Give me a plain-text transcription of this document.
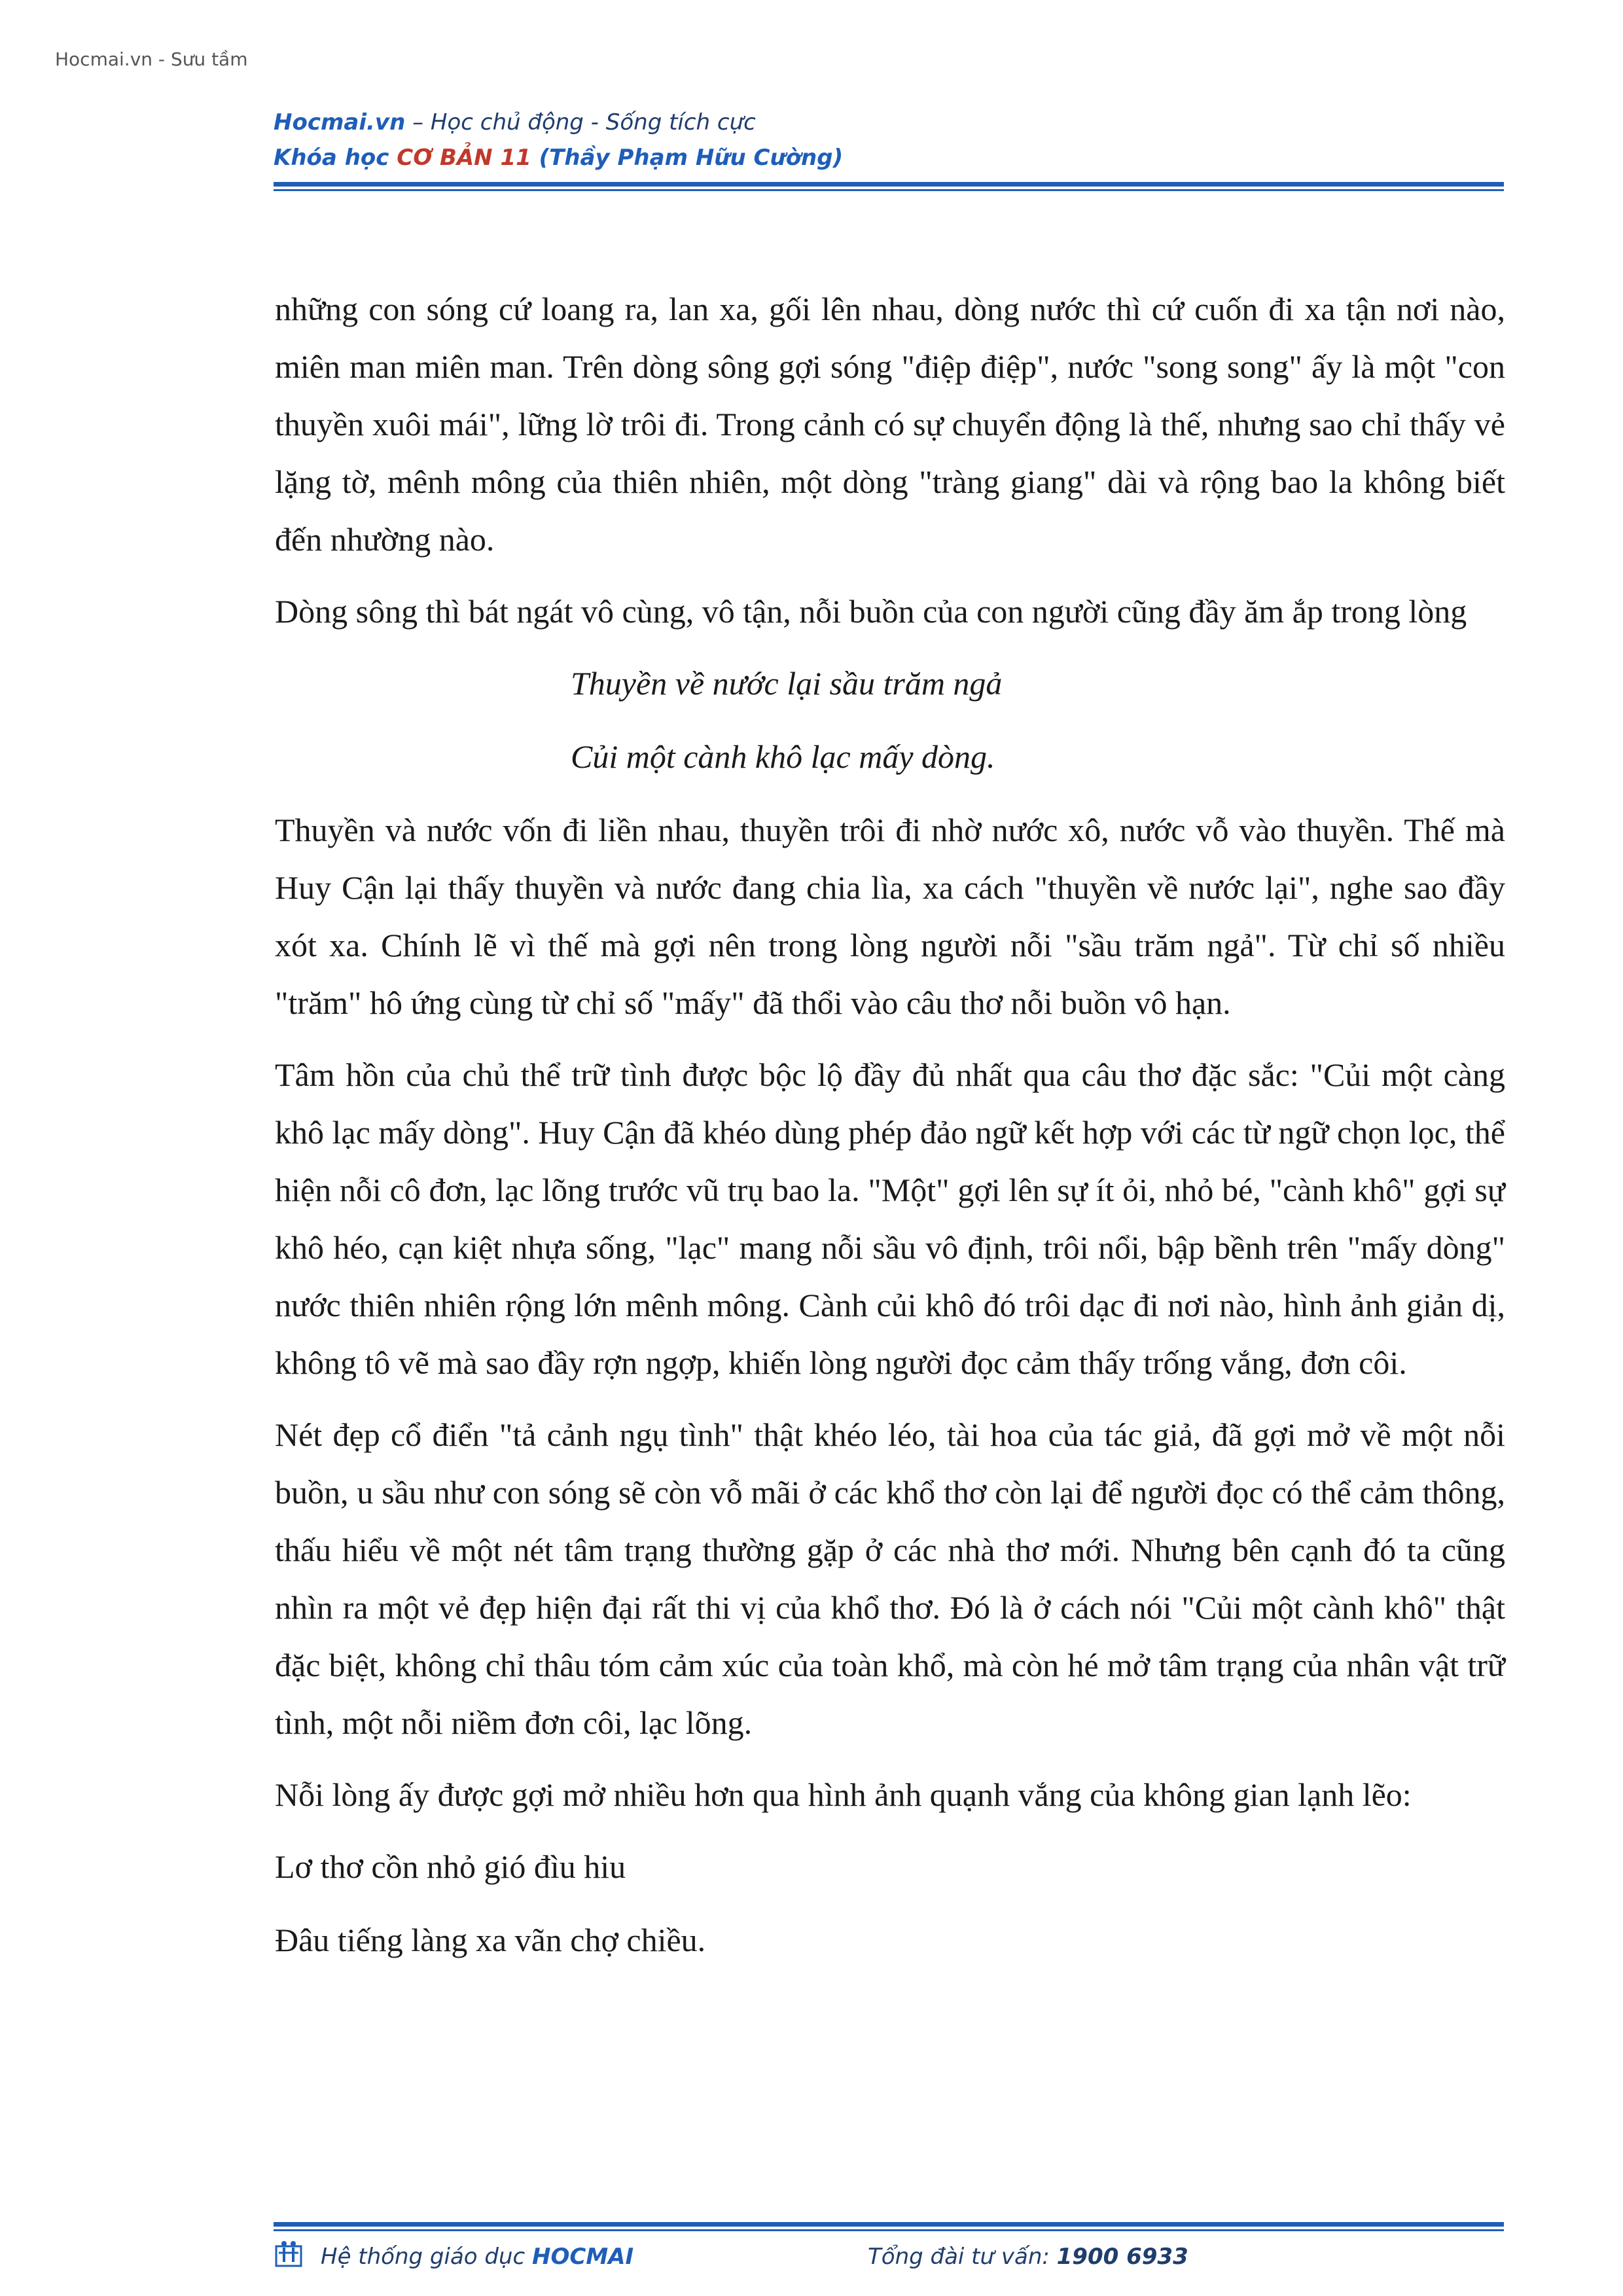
Hocmai.vn - Sưu tầm
Hocmai.vn – Học chủ động - Sống tích cực
Khóa học CƠ BẢN 11 (Thầy Phạm Hữu Cường)

những con sóng cứ loang ra, lan xa, gối lên nhau, dòng nước thì cứ cuốn đi xa tận nơi nào, miên man miên man. Trên dòng sông gợi sóng "điệp điệp", nước "song song" ấy là một "con thuyền xuôi mái", lững lờ trôi đi. Trong cảnh có sự chuyển động là thế, nhưng sao chỉ thấy vẻ lặng tờ, mênh mông của thiên nhiên, một dòng "tràng giang" dài và rộng bao la không biết đến nhường nào.

Dòng sông thì bát ngát vô cùng, vô tận, nỗi buồn của con người cũng đầy ăm ắp trong lòng

Thuyền về nước lại sầu trăm ngả
Củi một cành khô lạc mấy dòng.

Thuyền và nước vốn đi liền nhau, thuyền trôi đi nhờ nước xô, nước vỗ vào thuyền. Thế mà Huy Cận lại thấy thuyền và nước đang chia lìa, xa cách "thuyền về nước lại", nghe sao đầy xót xa. Chính lẽ vì thế mà gợi nên trong lòng người nỗi "sầu trăm ngả". Từ chỉ số nhiều "trăm" hô ứng cùng từ chỉ số "mấy" đã thổi vào câu thơ nỗi buồn vô hạn.

Tâm hồn của chủ thể trữ tình được bộc lộ đầy đủ nhất qua câu thơ đặc sắc: "Củi một càng khô lạc mấy dòng". Huy Cận đã khéo dùng phép đảo ngữ kết hợp với các từ ngữ chọn lọc, thể hiện nỗi cô đơn, lạc lõng trước vũ trụ bao la. "Một" gợi lên sự ít ỏi, nhỏ bé, "cành khô" gợi sự khô héo, cạn kiệt nhựa sống, "lạc" mang nỗi sầu vô định, trôi nổi, bập bềnh trên "mấy dòng" nước thiên nhiên rộng lớn mênh mông. Cành củi khô đó trôi dạc đi nơi nào, hình ảnh giản dị, không tô vẽ mà sao đầy rợn ngợp, khiến lòng người đọc cảm thấy trống vắng, đơn côi.

Nét đẹp cổ điển "tả cảnh ngụ tình" thật khéo léo, tài hoa của tác giả, đã gợi mở về một nỗi buồn, u sầu như con sóng sẽ còn vỗ mãi ở các khổ thơ còn lại để người đọc có thể cảm thông, thấu hiểu về một nét tâm trạng thường gặp ở các nhà thơ mới. Nhưng bên cạnh đó ta cũng nhìn ra một vẻ đẹp hiện đại rất thi vị của khổ thơ. Đó là ở cách nói "Củi một cành khô" thật đặc biệt, không chỉ thâu tóm cảm xúc của toàn khổ, mà còn hé mở tâm trạng của nhân vật trữ tình, một nỗi niềm đơn côi, lạc lõng.

Nỗi lòng ấy được gợi mở nhiều hơn qua hình ảnh quạnh vắng của không gian lạnh lẽo:

Lơ thơ cồn nhỏ gió đìu hiu
Đâu tiếng làng xa vãn chợ chiều.
Hệ thống giáo dục HOCMAI	Tổng đài tư vấn: 1900 6933
